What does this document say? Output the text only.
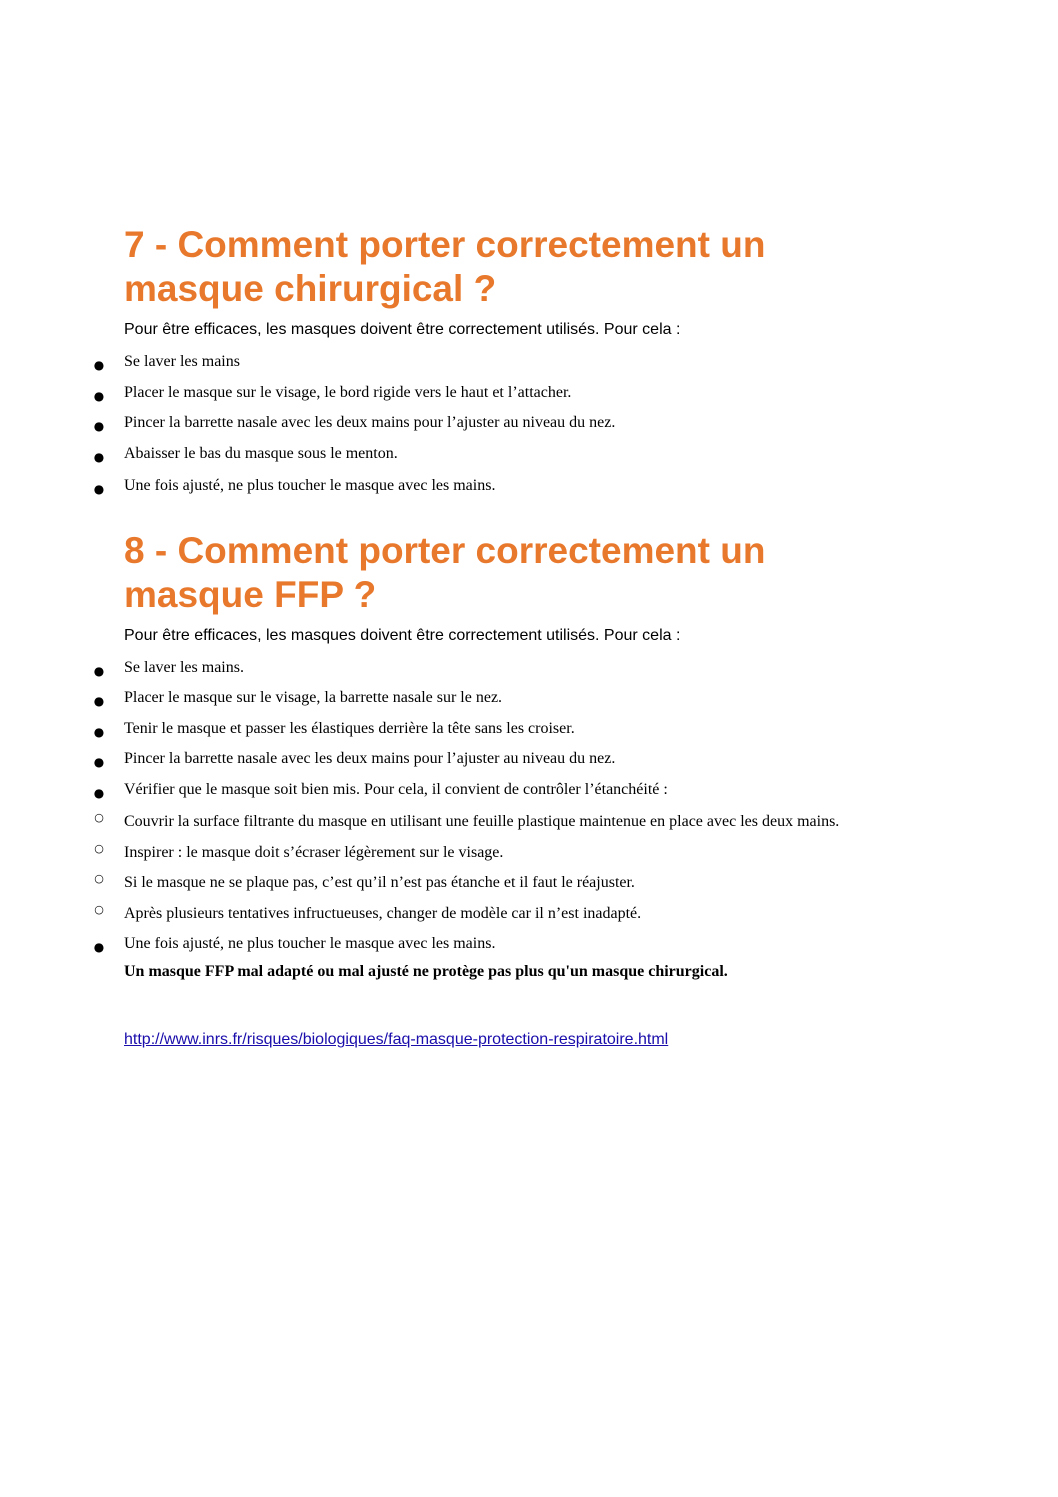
7 - Comment porter correctement un
masque chirurgical ?

Pour être efficaces, les masques doivent être correctement utilisés. Pour cela :

● Se laver les mains
● Placer le masque sur le visage, le bord rigide vers le haut et l’attacher.
● Pincer la barrette nasale avec les deux mains pour l’ajuster au niveau du nez.
● Abaisser le bas du masque sous le menton.
● Une fois ajusté, ne plus toucher le masque avec les mains.
8 - Comment porter correctement un
masque FFP ?

Pour être efficaces, les masques doivent être correctement utilisés. Pour cela :

● Se laver les mains.
● Placer le masque sur le visage, la barrette nasale sur le nez.
● Tenir le masque et passer les élastiques derrière la tête sans les croiser.
● Pincer la barrette nasale avec les deux mains pour l’ajuster au niveau du nez.
● Vérifier que le masque soit bien mis. Pour cela, il convient de contrôler l’étanchéité :
○	Couvrir la surface filtrante du masque en utilisant une feuille plastique maintenue en place avec les deux mains.
○	Inspirer : le masque doit s’écraser légèrement sur le visage.
○	Si le masque ne se plaque pas, c’est qu’il n’est pas étanche et il faut le réajuster.
○	Après plusieurs tentatives infructueuses, changer de modèle car il n’est inadapté.
● Une fois ajusté, ne plus toucher le masque avec les mains.

Un masque FFP mal adapté ou mal ajusté ne protège pas plus qu'un masque chirurgical.

http://www.inrs.fr/risques/biologiques/faq-masque-protection-respiratoire.html
